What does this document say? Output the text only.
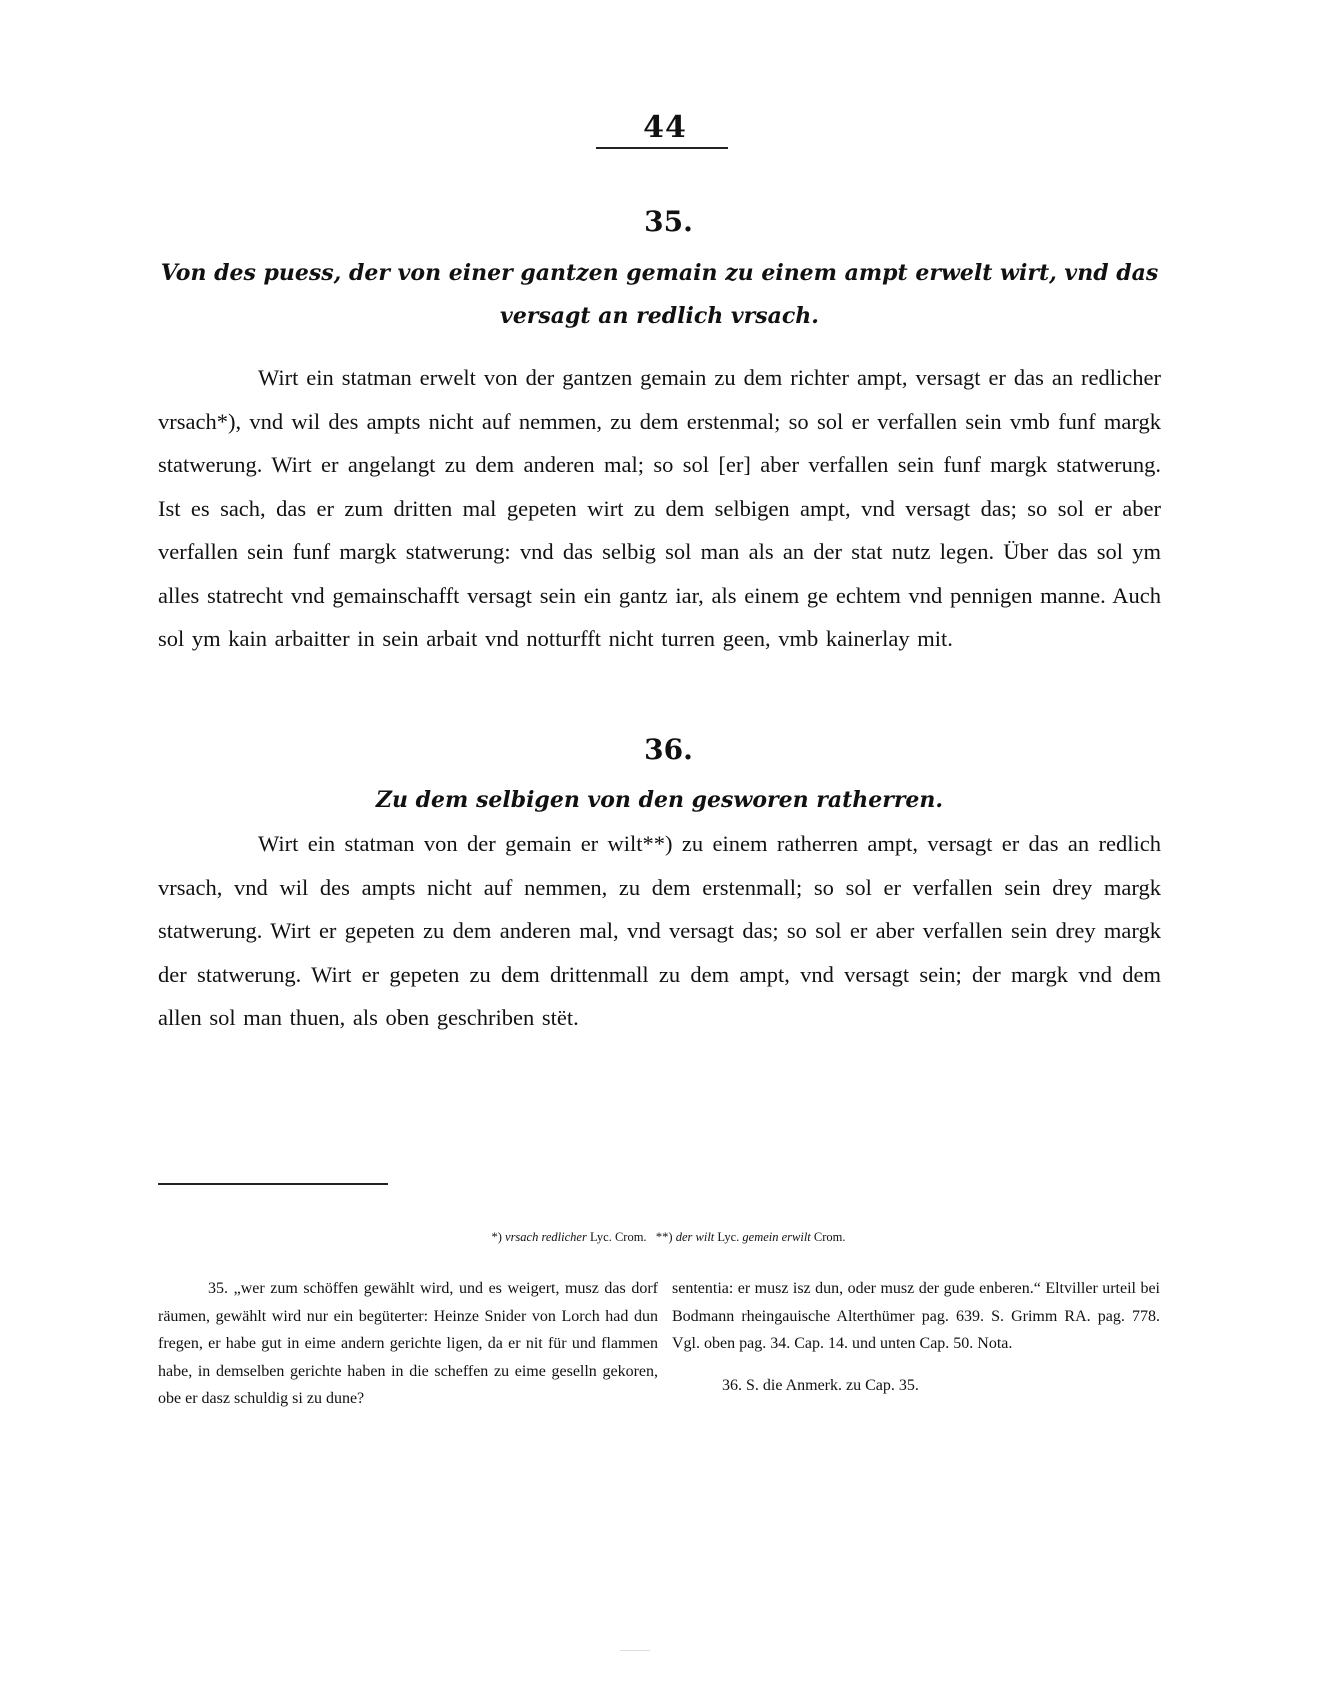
44
35.
Von des puess, der von einer gantzen gemain zu einem ampt erwelt wirt, vnd das versagt an redlich vrsach.
Wirt ein statman erwelt von der gantzen gemain zu dem richter ampt, versagt er das an redlicher vrsach*), vnd wil des ampts nicht auf nemmen, zu dem erstenmal; so sol er verfallen sein vmb funf margk statwerung. Wirt er angelangt zu dem anderen mal; so sol [er] aber verfallen sein funf margk statwerung. Ist es sach, das er zum dritten mal gepeten wirt zu dem selbigen ampt, vnd versagt das; so sol er aber verfallen sein funf margk statwerung: vnd das selbig sol man als an der stat nutz legen. Über das sol ym alles statrecht vnd gemainschafft versagt sein ein gantz iar, als einem ge echtem vnd pennigen manne. Auch sol ym kain arbaitter in sein arbait vnd notturfft nicht turren geen, vmb kainerlay mit.
36.
Zu dem selbigen von den gesworen ratherren.
Wirt ein statman von der gemain er wilt**) zu einem ratherren ampt, versagt er das an redlich vrsach, vnd wil des ampts nicht auf nemmen, zu dem erstenmall; so sol er verfallen sein drey margk statwerung. Wirt er gepeten zu dem anderen mal, vnd versagt das; so sol er aber verfallen sein drey margk der statwerung. Wirt er gepeten zu dem drittenmall zu dem ampt, vnd versagt sein; der margk vnd dem allen sol man thuen, als oben geschriben stët.
*) vrsach redlicher Lyc. Crom. **) der wilt Lyc. gemein erwilt Crom.

35. „wer zum schöffen gewählt wird, und es weigert, musz das dorf räumen, gewählt wird nur ein begüterter: Heinze Snider von Lorch had dun fregen, er habe gut in eime andern gerichte ligen, da er nit für und flammen habe, in demselben gerichte haben in die scheffen zu eime geselln gekoren, obe er dasz schuldig si zu dune?

sententia: er musz isz dun, oder musz der gude enberen.“ Eltviller urteil bei Bodmann rheingauische Alterthümer pag. 639. S. Grimm RA. pag. 778. Vgl. oben pag. 34. Cap. 14. und unten Cap. 50. Nota.

36. S. die Anmerk. zu Cap. 35.
